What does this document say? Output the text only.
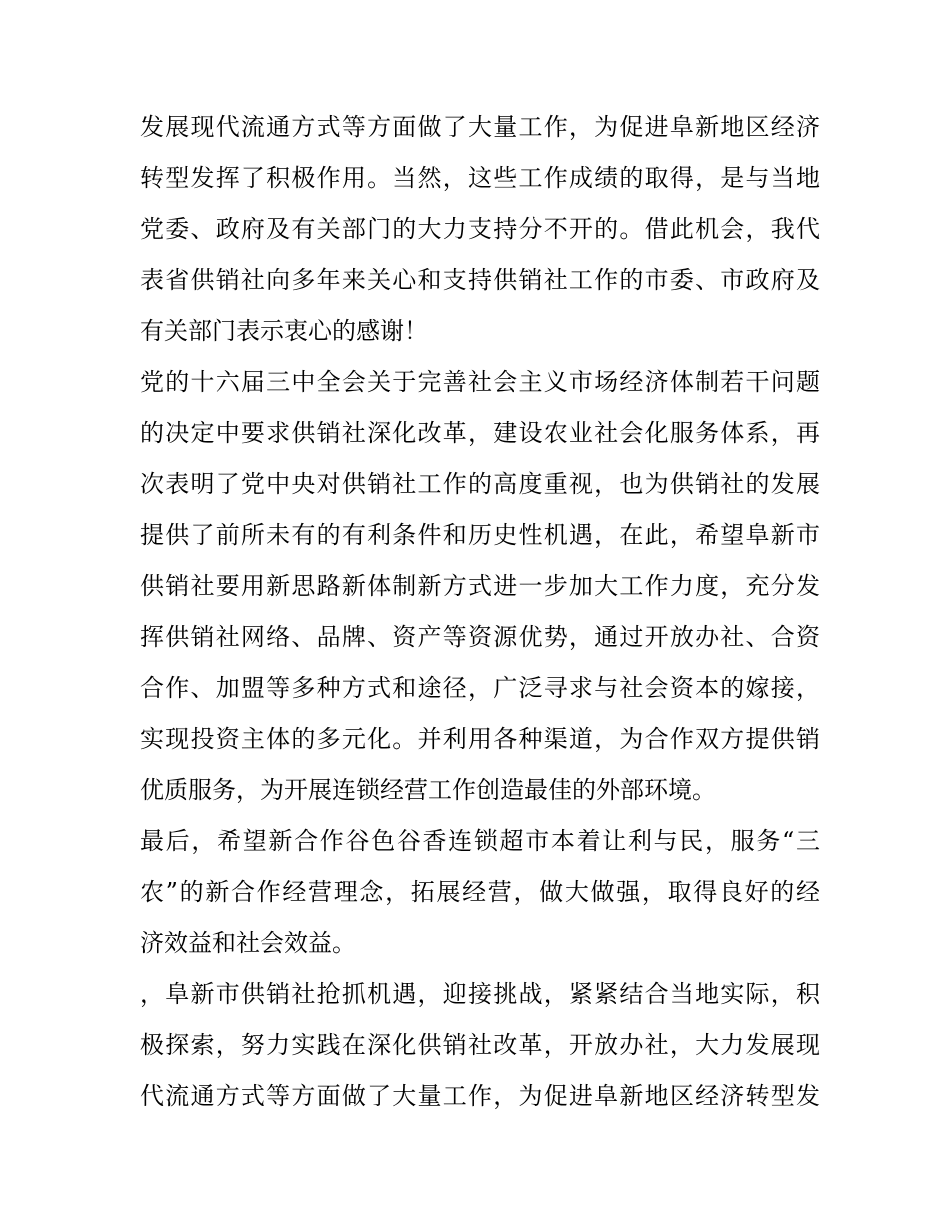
发展现代流通方式等方面做了大量工作，为促进阜新地区经济
转型发挥了积极作用。当然，这些工作成绩的取得，是与当地
党委、政府及有关部门的大力支持分不开的。借此机会，我代
表省供销社向多年来关心和支持供销社工作的市委、市政府及
有关部门表示衷心的感谢！
党的十六届三中全会关于完善社会主义市场经济体制若干问题
的决定中要求供销社深化改革，建设农业社会化服务体系，再
次表明了党中央对供销社工作的高度重视，也为供销社的发展
提供了前所未有的有利条件和历史性机遇，在此，希望阜新市
供销社要用新思路新体制新方式进一步加大工作力度，充分发
挥供销社网络、品牌、资产等资源优势，通过开放办社、合资
合作、加盟等多种方式和途径，广泛寻求与社会资本的嫁接，
实现投资主体的多元化。并利用各种渠道，为合作双方提供销
优质服务，为开展连锁经营工作创造最佳的外部环境。
最后，希望新合作谷色谷香连锁超市本着让利与民，服务“三
农”的新合作经营理念，拓展经营，做大做强，取得良好的经
济效益和社会效益。
，阜新市供销社抢抓机遇，迎接挑战，紧紧结合当地实际，积
极探索，努力实践在深化供销社改革，开放办社，大力发展现
代流通方式等方面做了大量工作，为促进阜新地区经济转型发
